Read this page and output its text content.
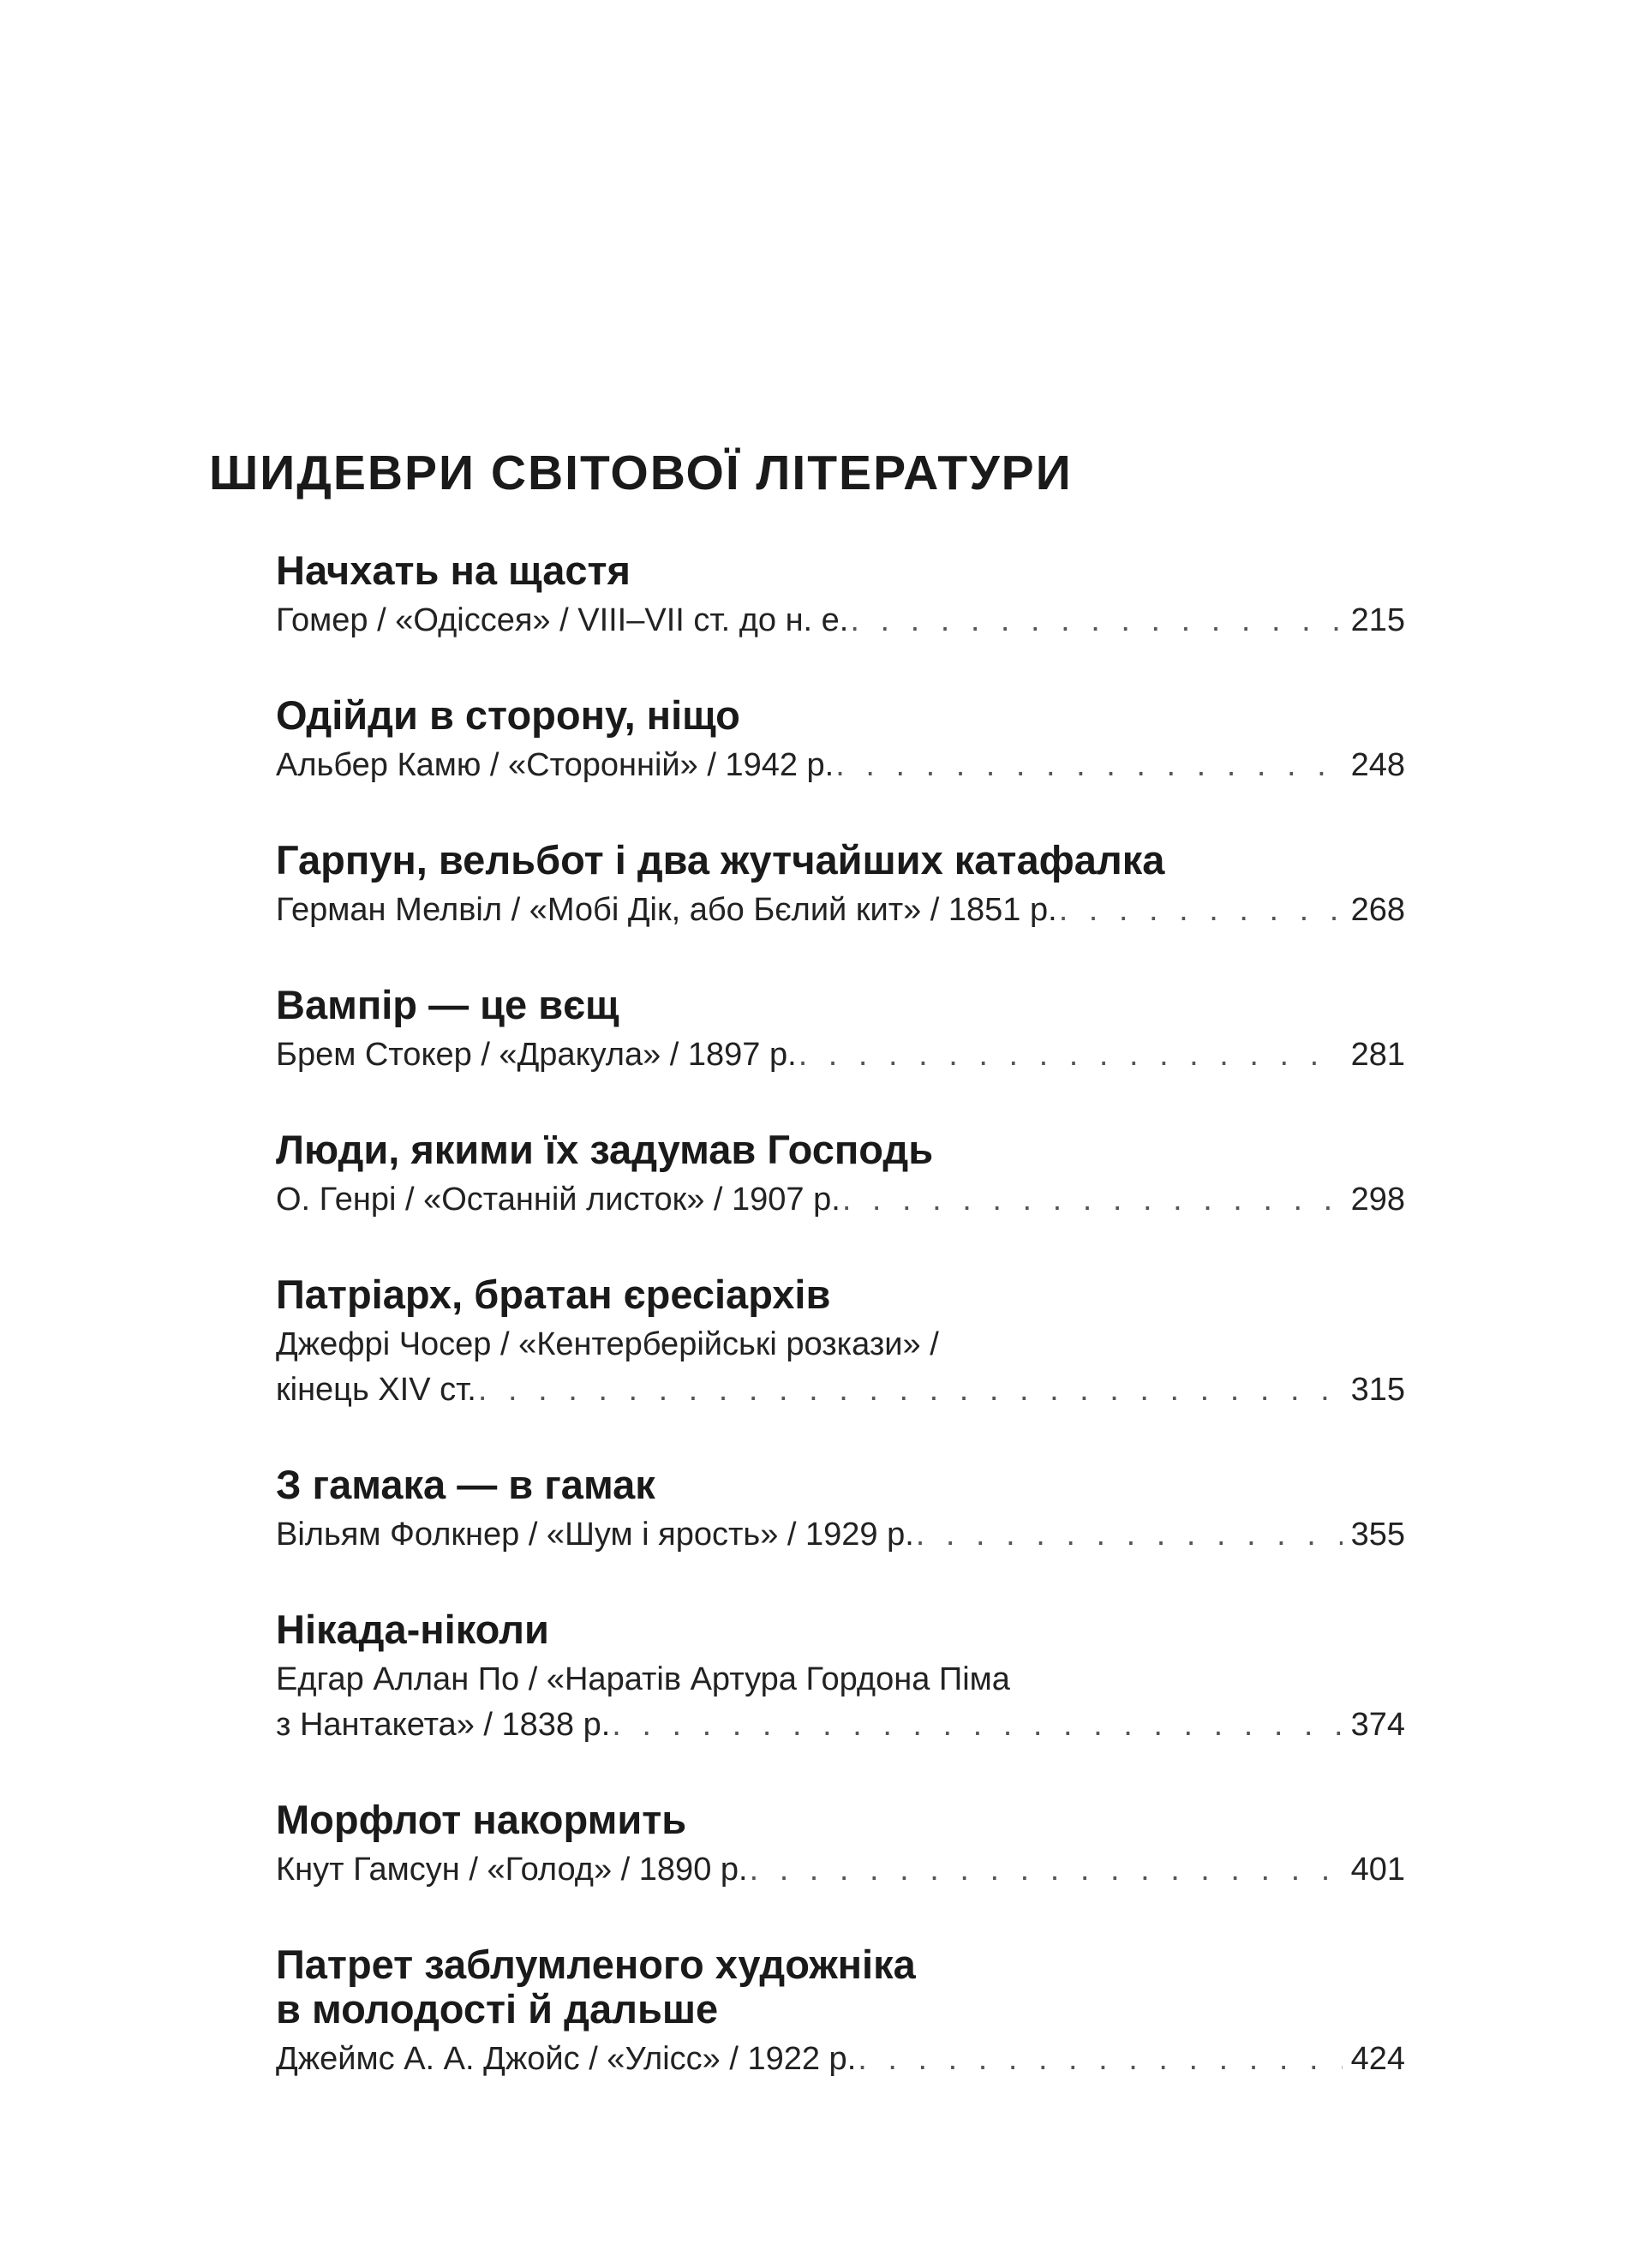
ШИДЕВРИ СВІТОВОЇ ЛІТЕРАТУРИ
Начхать на щастя
Гомер / «Одіссея» / VIII–VII ст. до н. е. . . .	215
Одійди в сторону, ніщо
Альбер Камю / «Сторонній» / 1942 р. . . .	248
Гарпун, вельбот і два жутчайших катафалка
Герман Мелвіл / «Мобі Дік, або Бєлий кит» / 1851 р. . . .	268
Вампір — це вєщ
Брем Стокер / «Дракула» / 1897 р. . . .	281
Люди, якими їх задумав Господь
О. Генрі / «Останній листок» / 1907 р. . . .	298
Патріарх, братан єресіархів
Джефрі Чосер / «Кентерберійські розкази» /
кінець XIV ст. . . .	315
З гамака — в гамак
Вільям Фолкнер / «Шум і ярость» / 1929 р. . . .	355
Нікада-ніколи
Едгар Аллан По / «Наратів Артура Гордона Піма
з Нантакета» / 1838 р. . . .	374
Морфлот накормить
Кнут Гамсун / «Голод» / 1890 р. . . .	401
Патрет заблумленого художніка
в молодості й дальше
Джеймс А. А. Джойс / «Улісс» / 1922 р. . . .	424
